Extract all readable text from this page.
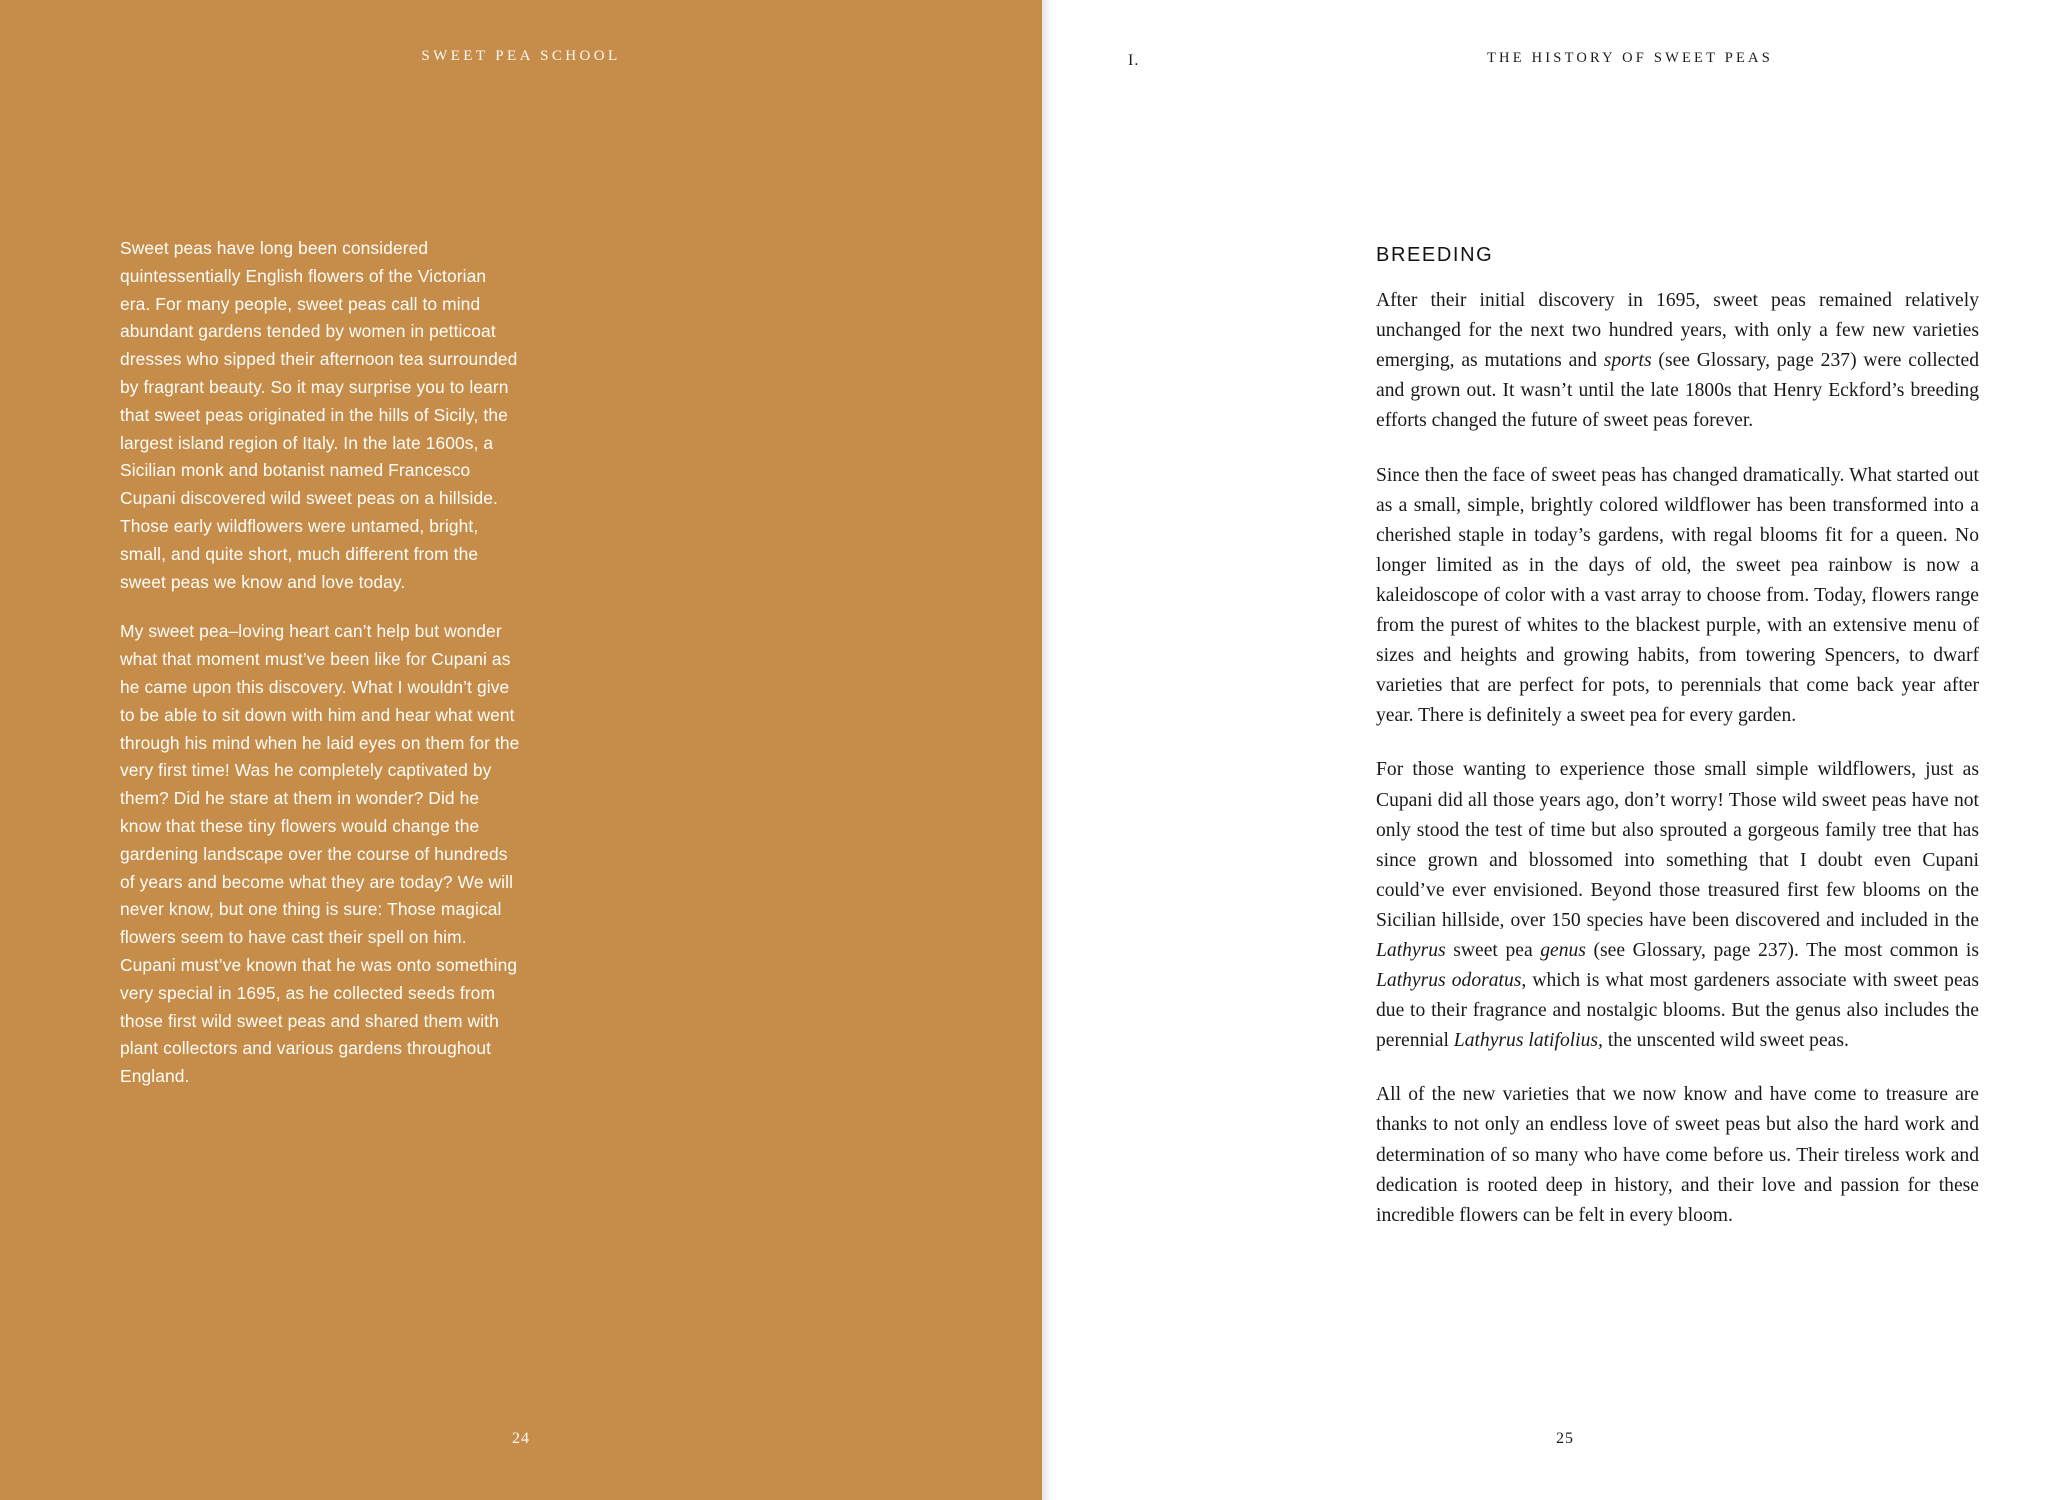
SWEET PEA SCHOOL

Sweet peas have long been considered quintessentially English flowers of the Victorian era. For many people, sweet peas call to mind abundant gardens tended by women in petticoat dresses who sipped their afternoon tea surrounded by fragrant beauty. So it may surprise you to learn that sweet peas originated in the hills of Sicily, the largest island region of Italy. In the late 1600s, a Sicilian monk and botanist named Francesco Cupani discovered wild sweet peas on a hillside. Those early wildflowers were untamed, bright, small, and quite short, much different from the sweet peas we know and love today.

My sweet pea–loving heart can’t help but wonder what that moment must’ve been like for Cupani as he came upon this discovery. What I wouldn’t give to be able to sit down with him and hear what went through his mind when he laid eyes on them for the very first time! Was he completely captivated by them? Did he stare at them in wonder? Did he know that these tiny flowers would change the gardening landscape over the course of hundreds of years and become what they are today? We will never know, but one thing is sure: Those magical flowers seem to have cast their spell on him. Cupani must’ve known that he was onto something very special in 1695, as he collected seeds from those first wild sweet peas and shared them with plant collectors and various gardens throughout England.

24
I.	THE HISTORY OF SWEET PEAS
BREEDING

After their initial discovery in 1695, sweet peas remained relatively unchanged for the next two hundred years, with only a few new varieties emerging, as mutations and sports (see Glossary, page 237) were collected and grown out. It wasn’t until the late 1800s that Henry Eckford’s breeding efforts changed the future of sweet peas forever.

Since then the face of sweet peas has changed dramatically. What started out as a small, simple, brightly colored wildflower has been transformed into a cherished staple in today’s gardens, with regal blooms fit for a queen. No longer limited as in the days of old, the sweet pea rainbow is now a kaleidoscope of color with a vast array to choose from. Today, flowers range from the purest of whites to the blackest purple, with an extensive menu of sizes and heights and growing habits, from towering Spencers, to dwarf varieties that are perfect for pots, to perennials that come back year after year. There is definitely a sweet pea for every garden.

For those wanting to experience those small simple wildflowers, just as Cupani did all those years ago, don’t worry! Those wild sweet peas have not only stood the test of time but also sprouted a gorgeous family tree that has since grown and blossomed into something that I doubt even Cupani could’ve ever envisioned. Beyond those treasured first few blooms on the Sicilian hillside, over 150 species have been discovered and included in the Lathyrus sweet pea genus (see Glossary, page 237). The most common is Lathyrus odoratus, which is what most gardeners associate with sweet peas due to their fragrance and nostalgic blooms. But the genus also includes the perennial Lathyrus latifolius, the unscented wild sweet peas.

All of the new varieties that we now know and have come to treasure are thanks to not only an endless love of sweet peas but also the hard work and determination of so many who have come before us. Their tireless work and dedication is rooted deep in history, and their love and passion for these incredible flowers can be felt in every bloom.

25
